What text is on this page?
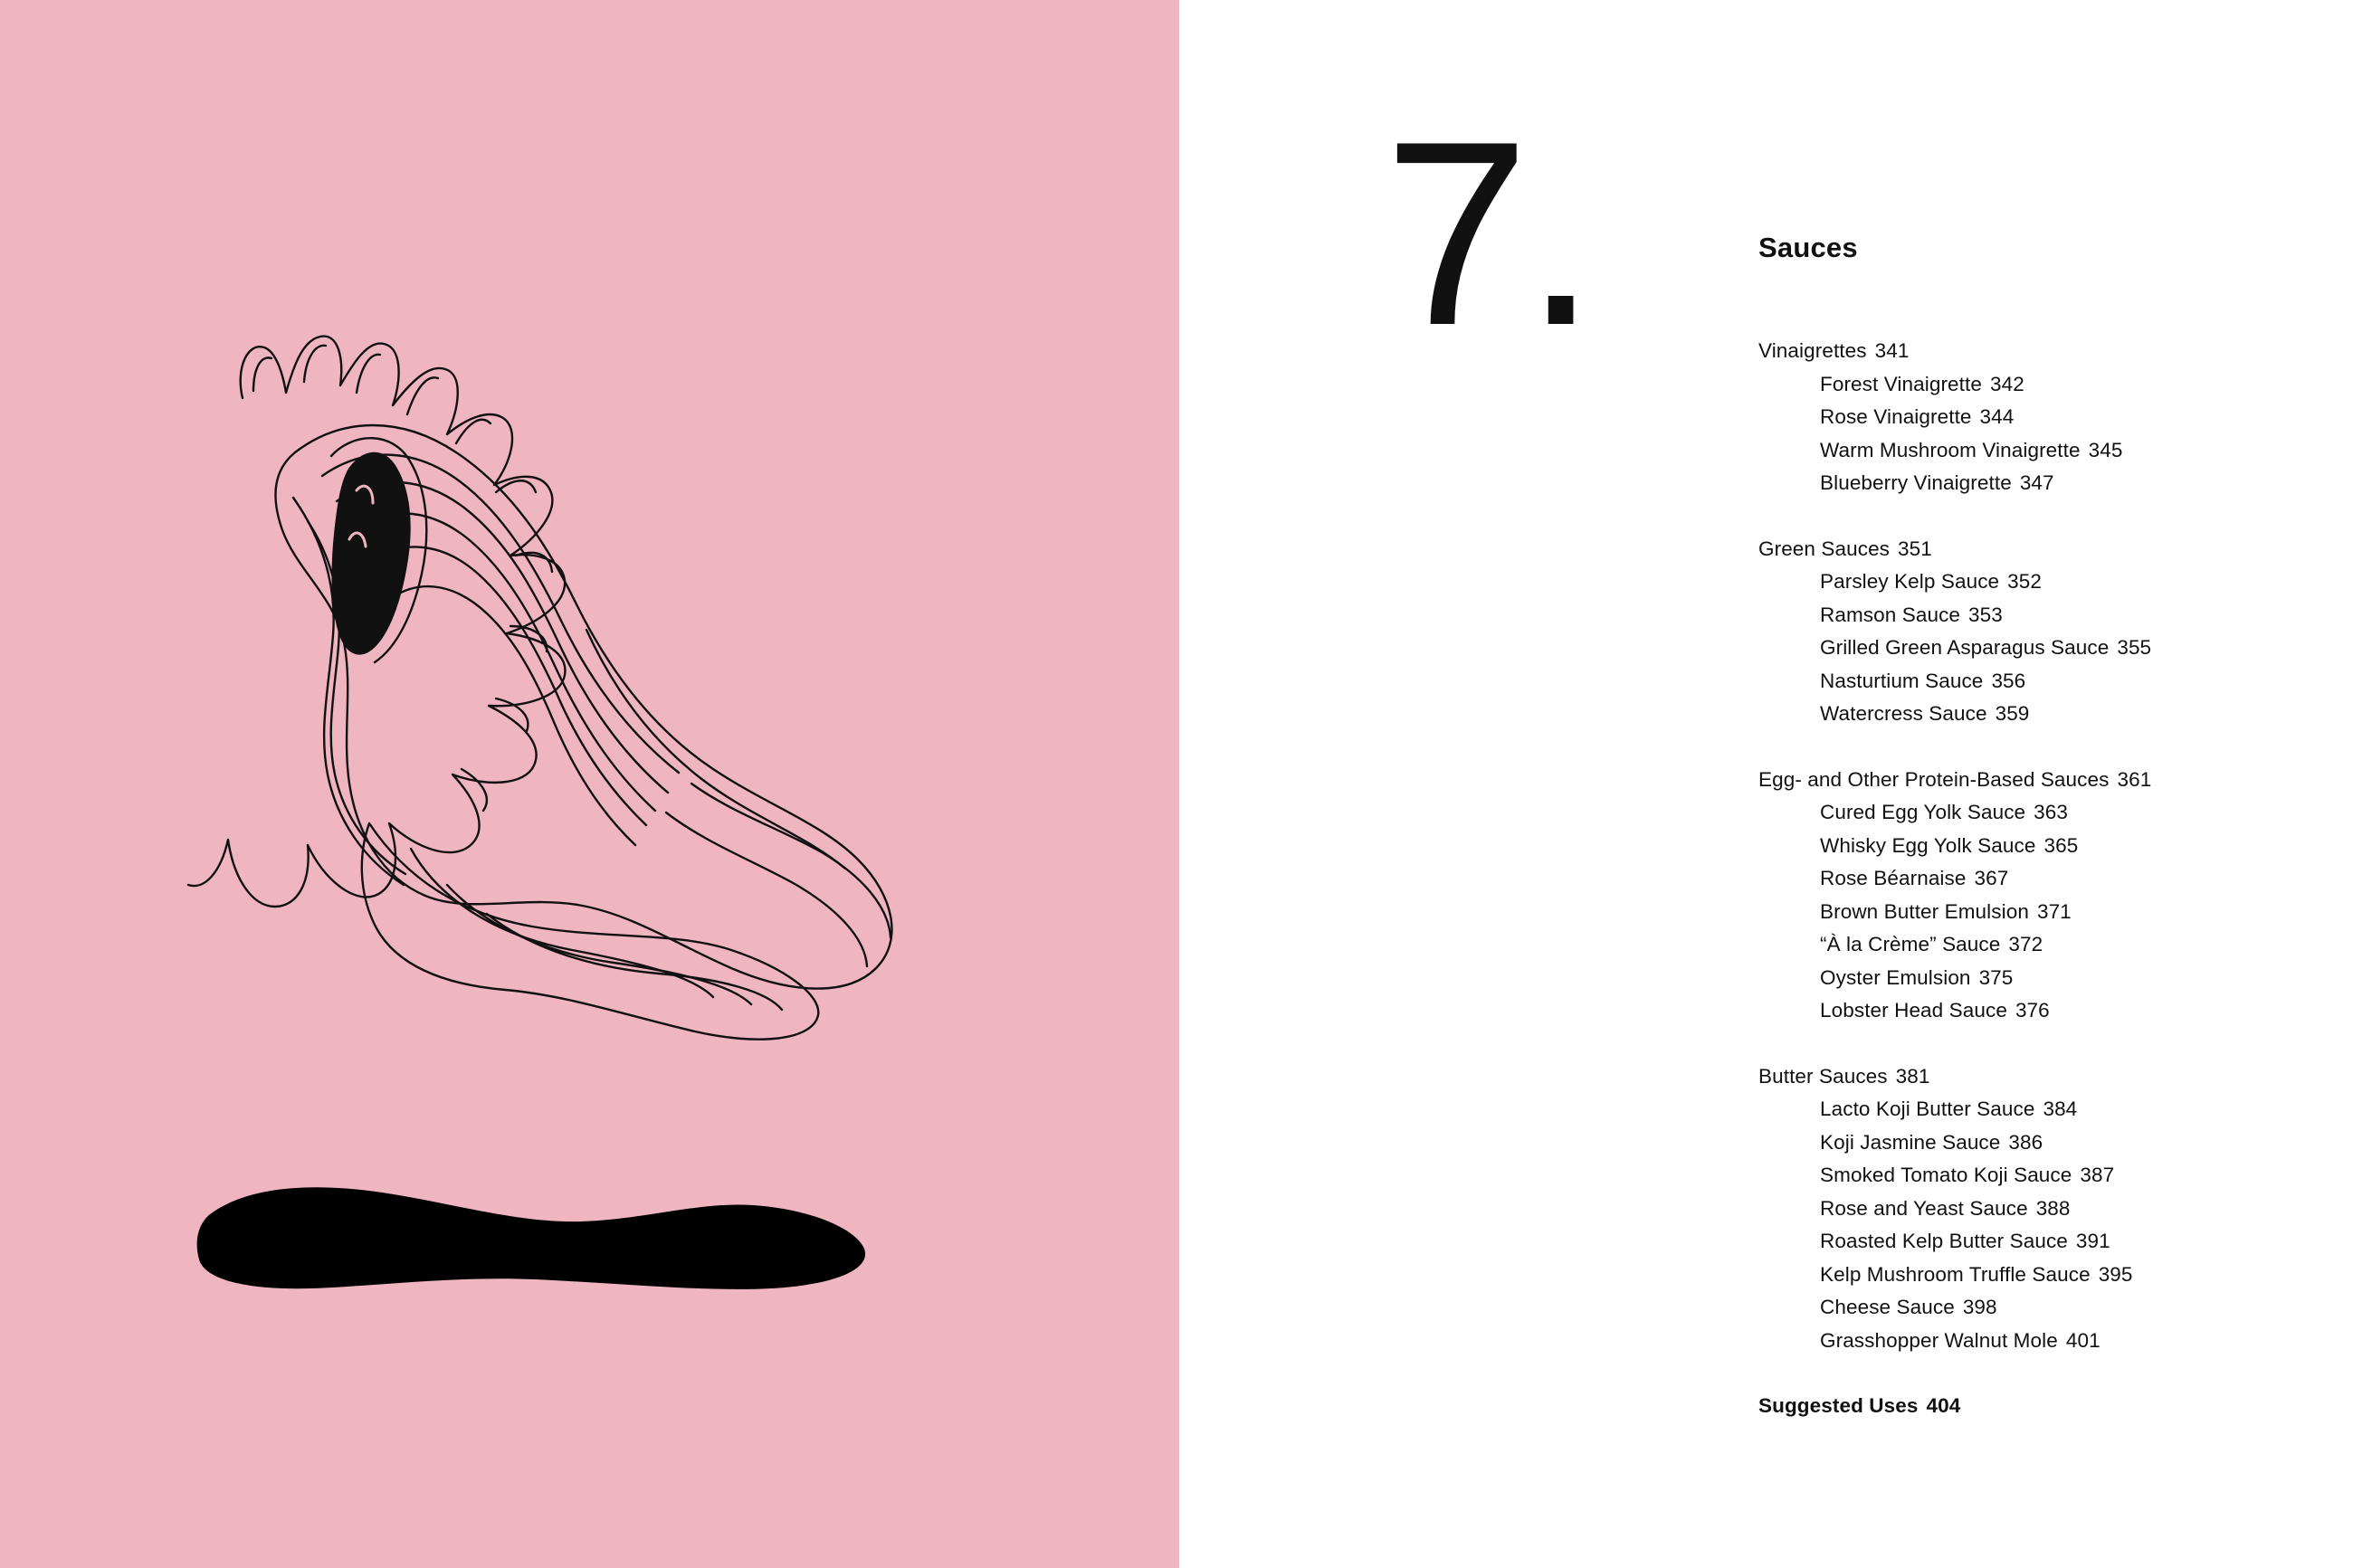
7.	Sauces
Vinaigrettes 341
Forest Vinaigrette 342
Rose Vinaigrette 344
Warm Mushroom Vinaigrette 345
Blueberry Vinaigrette 347
Green Sauces 351
Parsley Kelp Sauce 352
Ramson Sauce 353
Grilled Green Asparagus Sauce 355
Nasturtium Sauce 356
Watercress Sauce 359
Egg- and Other Protein-Based Sauces 361
Cured Egg Yolk Sauce 363
Whisky Egg Yolk Sauce 365
Rose Béarnaise 367
Brown Butter Emulsion 371
“À la Crème” Sauce 372
Oyster Emulsion 375
Lobster Head Sauce 376
Butter Sauces 381
Lacto Koji Butter Sauce 384
Koji Jasmine Sauce 386
Smoked Tomato Koji Sauce 387
Rose and Yeast Sauce 388
Roasted Kelp Butter Sauce 391
Kelp Mushroom Truffle Sauce 395
Cheese Sauce 398
Grasshopper Walnut Mole 401
Suggested Uses 404
